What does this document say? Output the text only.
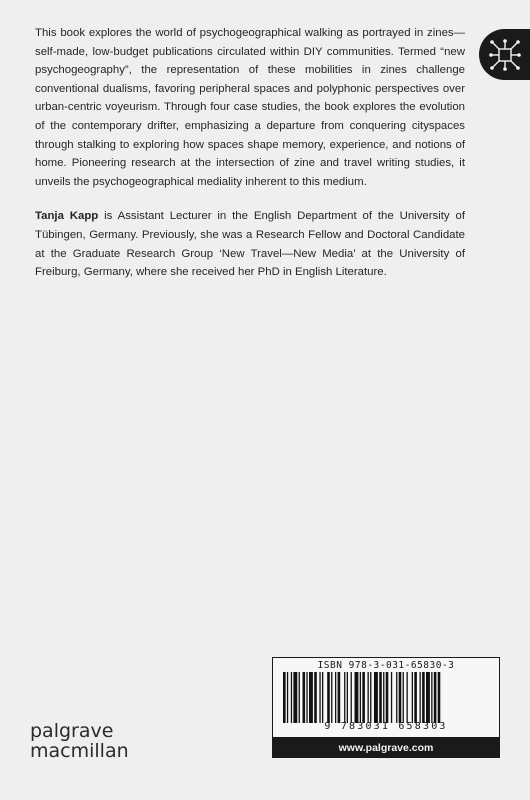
This book explores the world of psychogeographical walking as portrayed in zines—self-made, low-budget publications circulated within DIY communities. Termed “new psychogeography”, the representation of these mobilities in zines challenge conventional dualisms, favoring peripheral spaces and polyphonic perspectives over urban-centric voyeurism. Through four case studies, the book explores the evolution of the contemporary drifter, emphasizing a departure from conquering cityspaces through stalking to exploring how spaces shape memory, experience, and notions of home. Pioneering research at the intersection of zine and travel writing studies, it unveils the psychogeographical mediality inherent to this medium.

Tanja Kapp is Assistant Lecturer in the English Department of the University of Tübingen, Germany. Previously, she was a Research Fellow and Doctoral Candidate at the Graduate Research Group ‘New Travel—New Media’ at the University of Freiburg, Germany, where she received her PhD in English Literature.

ISBN 978-3-031-65830-3
9 783031 658303
www.palgrave.com
palgrave
macmillan
